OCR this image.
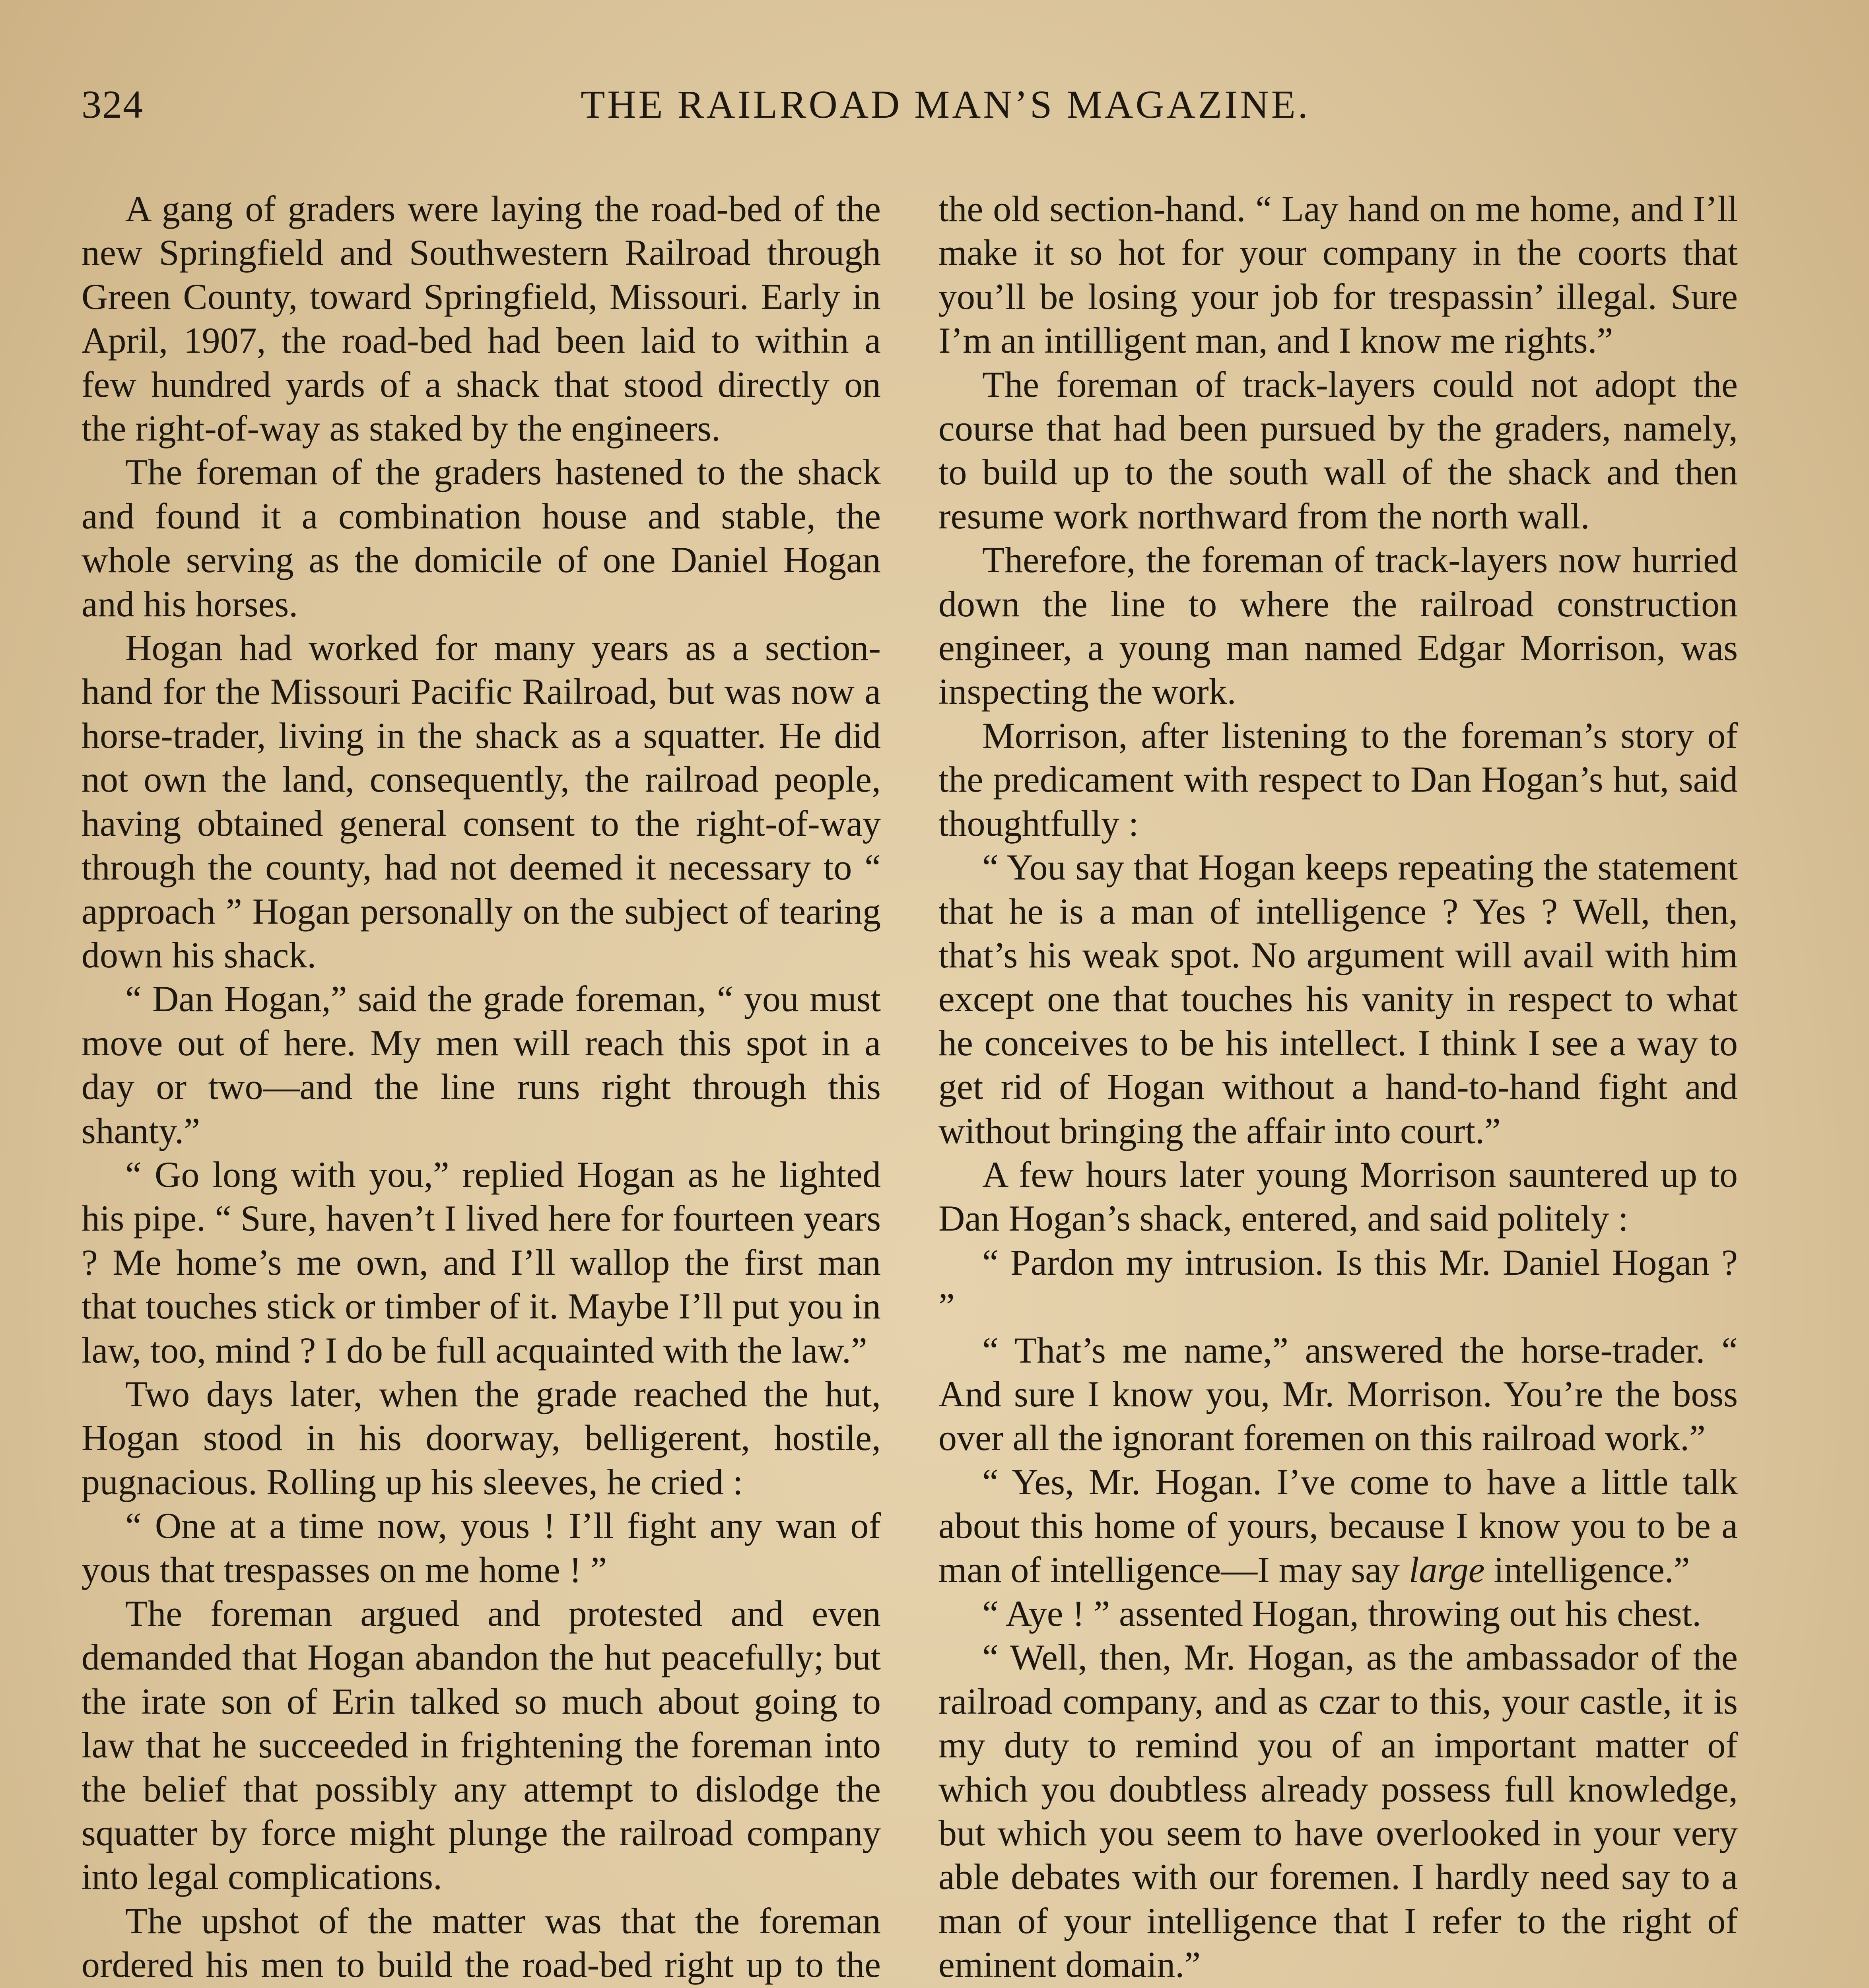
324	THE RAILROAD MAN’S MAGAZINE.

A gang of graders were laying the road-bed of the new Springfield and Southwestern Railroad through Green County, toward Springfield, Missouri. Early in April, 1907, the road-bed had been laid to within a few hundred yards of a shack that stood directly on the right-of-way as staked by the engineers.

The foreman of the graders hastened to the shack and found it a combination house and stable, the whole serving as the domicile of one Daniel Hogan and his horses.

Hogan had worked for many years as a section-hand for the Missouri Pacific Railroad, but was now a horse-trader, living in the shack as a squatter. He did not own the land, consequently, the railroad people, having obtained general consent to the right-of-way through the county, had not deemed it necessary to “ approach ” Hogan personally on the subject of tearing down his shack.

“ Dan Hogan,” said the grade foreman, “ you must move out of here. My men will reach this spot in a day or two—and the line runs right through this shanty.”

“ Go long with you,” replied Hogan as he lighted his pipe. “ Sure, haven’t I lived here for fourteen years ? Me home’s me own, and I’ll wallop the first man that touches stick or timber of it. Maybe I’ll put you in law, too, mind ? I do be full acquainted with the law.”

Two days later, when the grade reached the hut, Hogan stood in his doorway, belligerent, hostile, pugnacious. Rolling up his sleeves, he cried :

“ One at a time now, yous ! I’ll fight any wan of yous that trespasses on me home ! ”

The foreman argued and protested and even demanded that Hogan abandon the hut peacefully; but the irate son of Erin talked so much about going to law that he succeeded in frightening the foreman into the belief that possibly any attempt to dislodge the squatter by force might plunge the railroad company into legal complications.

The upshot of the matter was that the foreman ordered his men to build the road-bed right up to the

the old section-hand. “ Lay hand on me home, and I’ll make it so hot for your company in the coorts that you’ll be losing your job for trespassin’ illegal. Sure I’m an intilligent man, and I know me rights.”

The foreman of track-layers could not adopt the course that had been pursued by the graders, namely, to build up to the south wall of the shack and then resume work northward from the north wall.

Therefore, the foreman of track-layers now hurried down the line to where the railroad construction engineer, a young man named Edgar Morrison, was inspecting the work.

Morrison, after listening to the foreman’s story of the predicament with respect to Dan Hogan’s hut, said thoughtfully :

“ You say that Hogan keeps repeating the statement that he is a man of intelligence ? Yes ? Well, then, that’s his weak spot. No argument will avail with him except one that touches his vanity in respect to what he conceives to be his intellect. I think I see a way to get rid of Hogan without a hand-to-hand fight and without bringing the affair into court.”

A few hours later young Morrison sauntered up to Dan Hogan’s shack, entered, and said politely :

“ Pardon my intrusion. Is this Mr. Daniel Hogan ? ”

“ That’s me name,” answered the horse-trader. “ And sure I know you, Mr. Morrison. You’re the boss over all the ignorant foremen on this railroad work.”

“ Yes, Mr. Hogan. I’ve come to have a little talk about this home of yours, because I know you to be a man of intelligence—I may say large intelligence.”

“ Aye ! ” assented Hogan, throwing out his chest.

“ Well, then, Mr. Hogan, as the ambassador of the railroad company, and as czar to this, your castle, it is my duty to remind you of an important matter of which you doubtless already possess full knowledge, but which you seem to have overlooked in your very able debates with our foremen. I hardly need say to a man of your intelligence that I refer to the right of eminent domain.”
